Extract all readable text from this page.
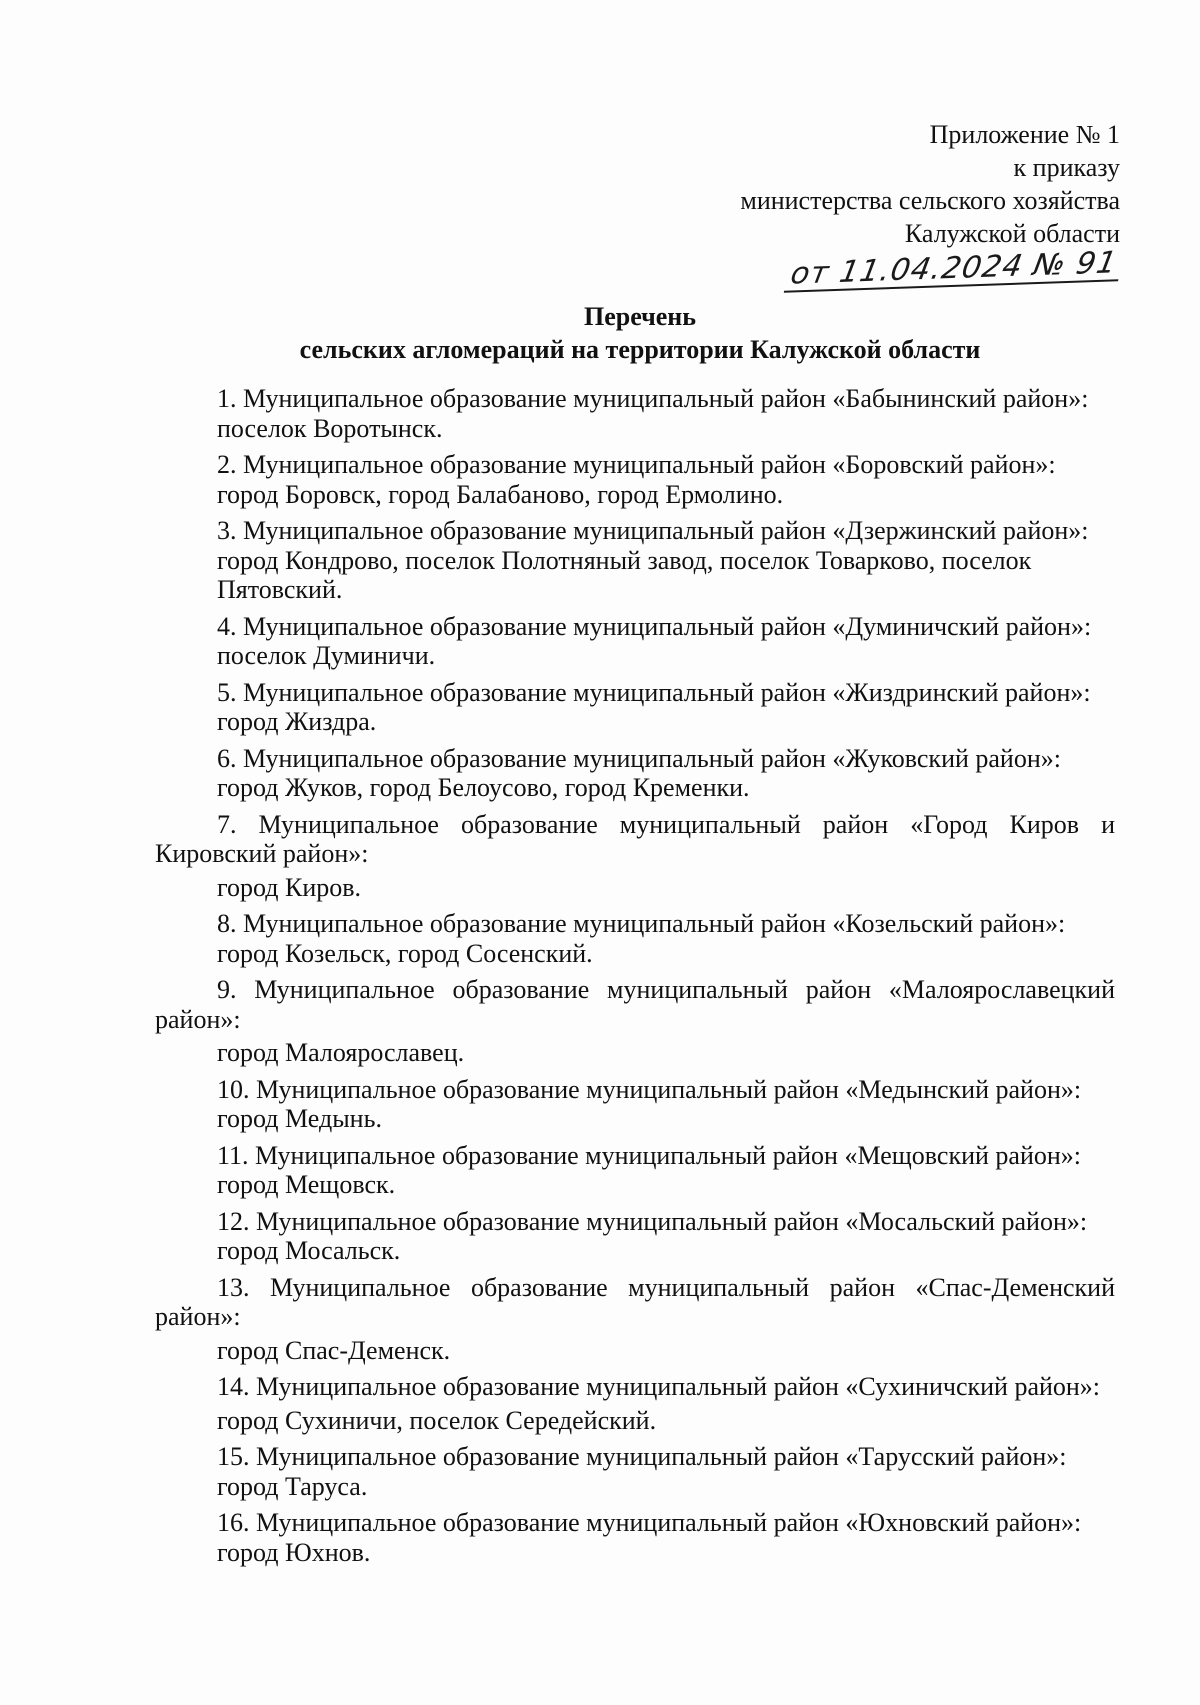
Приложение № 1
к приказу
министерства сельского хозяйства
Калужской области
от 11.04.2024 № 91
Перечень
сельских агломераций на территории Калужской области
1. Муниципальное образование муниципальный район «Бабынинский район»:
поселок Воротынск.
2. Муниципальное образование муниципальный район «Боровский район»:
город Боровск, город Балабаново, город Ермолино.
3. Муниципальное образование муниципальный район «Дзержинский район»:
город Кондрово, поселок Полотняный завод, поселок Товарково, поселок Пятовский.
4. Муниципальное образование муниципальный район «Думиничский район»:
поселок Думиничи.
5. Муниципальное образование муниципальный район «Жиздринский район»:
город Жиздра.
6. Муниципальное образование муниципальный район «Жуковский район»:
город Жуков, город Белоусово, город Кременки.
7. Муниципальное образование муниципальный район «Город Киров и Кировский район»:
город Киров.
8. Муниципальное образование муниципальный район «Козельский район»:
город Козельск, город Сосенский.
9. Муниципальное образование муниципальный район «Малоярославецкий район»:
город Малоярославец.
10. Муниципальное образование муниципальный район «Медынский район»:
город Медынь.
11. Муниципальное образование муниципальный район «Мещовский район»:
город Мещовск.
12. Муниципальное образование муниципальный район «Мосальский район»:
город Мосальск.
13. Муниципальное образование муниципальный район «Спас-Деменский район»:
город Спас-Деменск.
14. Муниципальное образование муниципальный район «Сухиничский район»:
город Сухиничи, поселок Середейский.
15. Муниципальное образование муниципальный район «Тарусский район»:
город Таруса.
16. Муниципальное образование муниципальный район «Юхновский район»:
город Юхнов.
